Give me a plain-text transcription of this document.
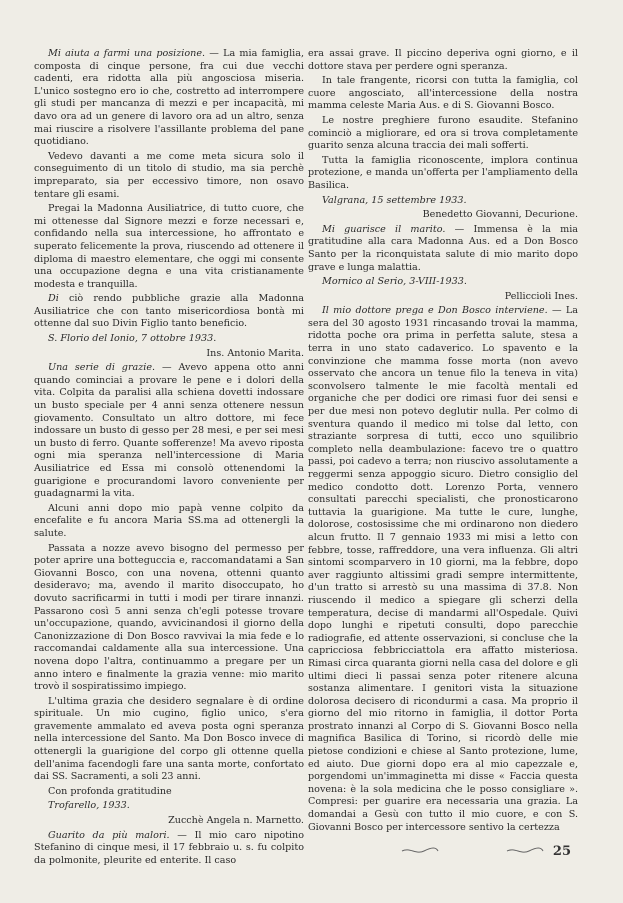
Mi aiuta a farmi una posizione. — La mia famiglia, composta di cinque persone, fra cui due vecchi cadenti, era ridotta alla più angosciosa miseria. L'unico sostegno ero io che, costretto ad interrompere gli studi per mancanza di mezzi e per incapacità, mi davo ora ad un genere di lavoro ora ad un altro, senza mai riuscire a risolvere l'assillante problema del pane quotidiano.

Vedevo davanti a me come meta sicura solo il conseguimento di un titolo di studio, ma sia perchè impreparato, sia per eccessivo timore, non osavo tentare gli esami.

Pregai la Madonna Ausiliatrice, di tutto cuore, che mi ottenesse dal Signore mezzi e forze necessari e, confidando nella sua intercessione, ho affrontato e superato felicemente la prova, riuscendo ad ottenere il diploma di maestro elementare, che oggi mi consente una occupazione degna e una vita cristianamente modesta e tranquilla.

Di ciò rendo pubbliche grazie alla Madonna Ausiliatrice che con tanto misericordiosa bontà mi ottenne dal suo Divin Figlio tanto beneficio.

S. Florio del Ionio, 7 ottobre 1933.

Ins. Antonio Marita.

Una serie di grazie. — Avevo appena otto anni quando cominciai a provare le pene e i dolori della vita. Colpita da paralisi alla schiena dovetti indossare un busto speciale per 4 anni senza ottenere nessun giovamento. Consultato un altro dottore, mi fece indossare un busto di gesso per 28 mesi, e per sei mesi un busto di ferro. Quante sofferenze! Ma avevo riposta ogni mia speranza nell'intercessione di Maria Ausiliatrice ed Essa mi consolò ottenendomi la guarigione e procurandomi lavoro conveniente per guadagnarmi la vita.

Alcuni anni dopo mio papà venne colpito da encefalite e fu ancora Maria SS.ma ad ottenergli la salute.

Passata a nozze avevo bisogno del permesso per poter aprire una botteguccia e, raccomandatami a San Giovanni Bosco, con una novena, ottenni quanto desideravo; ma, avendo il marito disoccupato, ho dovuto sacrificarmi in tutti i modi per tirare innanzi. Passarono così 5 anni senza ch'egli potesse trovare un'occupazione, quando, avvicinandosi il giorno della Canonizzazione di Don Bosco ravvivai la mia fede e lo raccomandai caldamente alla sua intercessione. Una novena dopo l'altra, continuammo a pregare per un anno intero e finalmente la grazia venne: mio marito trovò il sospiratissimo impiego.

L'ultima grazia che desidero segnalare è di ordine spirituale. Un mio cugino, figlio unico, s'era gravemente ammalato ed aveva posta ogni speranza nella intercessione del Santo. Ma Don Bosco invece di ottenergli la guarigione del corpo gli ottenne quella dell'anima facendogli fare una santa morte, confortato dai SS. Sacramenti, a soli 23 anni.

Con profonda gratitudine

Trofarello, 1933.

Zucchè Angela n. Marnetto.

Guarito da più malori. — Il mio caro nipotino Stefanino di cinque mesi, il 17 febbraio u. s. fu colpito da polmonite, pleurite ed enterite. Il caso

era assai grave. Il piccino deperiva ogni giorno, e il dottore stava per perdere ogni speranza.

In tale frangente, ricorsi con tutta la famiglia, col cuore angosciato, all'intercessione della nostra mamma celeste Maria Aus. e di S. Giovanni Bosco.

Le nostre preghiere furono esaudite. Stefanino cominciò a migliorare, ed ora si trova completamente guarito senza alcuna traccia dei mali sofferti.

Tutta la famiglia riconoscente, implora continua protezione, e manda un'offerta per l'ampliamento della Basilica.

Valgrana, 15 settembre 1933.

Benedetto Giovanni, Decurione.

Mi guarisce il marito. — Immensa è la mia gratitudine alla cara Madonna Aus. ed a Don Bosco Santo per la riconquistata salute di mio marito dopo grave e lunga malattia.

Mornico al Serio, 3-VIII-1933.

Pelliccioli Ines.

Il mio dottore prega e Don Bosco interviene. — La sera del 30 agosto 1931 rincasando trovai la mamma, ridotta poche ora prima in perfetta salute, stesa a terra in uno stato cadaverico. Lo spavento e la convinzione che mamma fosse morta (non avevo osservato che ancora un tenue filo la teneva in vita) sconvolsero talmente le mie facoltà mentali ed organiche che per dodici ore rimasi fuor dei sensi e per due mesi non potevo deglutir nulla. Per colmo di sventura quando il medico mi tolse dal letto, con straziante sorpresa di tutti, ecco uno squilibrio completo nella deambulazione: facevo tre o quattro passi, poi cadevo a terra; non riuscivo assolutamente a reggermi senza appoggio sicuro. Dietro consiglio del medico condotto dott. Lorenzo Porta, vennero consultati parecchi specialisti, che pronosticarono tuttavia la guarigione. Ma tutte le cure, lunghe, dolorose, costosissime che mi ordinarono non diedero alcun frutto. Il 7 gennaio 1933 mi misi a letto con febbre, tosse, raffreddore, una vera influenza. Gli altri sintomi scomparvero in 10 giorni, ma la febbre, dopo aver raggiunto altissimi gradi sempre intermittente, d'un tratto si arrestò su una massima di 37.8. Non riuscendo il medico a spiegare gli scherzi della temperatura, decise di mandarmi all'Ospedale. Quivi dopo lunghi e ripetuti consulti, dopo parecchie radiografie, ed attente osservazioni, si concluse che la capricciosa febbricciattola era affatto misteriosa. Rimasi circa quaranta giorni nella casa del dolore e gli ultimi dieci li passai senza poter ritenere alcuna sostanza alimentare. I genitori vista la situazione dolorosa decisero di ricondurmi a casa. Ma proprio il giorno del mio ritorno in famiglia, il dottor Porta prostrato innanzi al Corpo di S. Giovanni Bosco nella magnifica Basilica di Torino, si ricordò delle mie pietose condizioni e chiese al Santo protezione, lume, ed aiuto. Due giorni dopo era al mio capezzale e, porgendomi un'immaginetta mi disse « Faccia questa novena: è la sola medicina che le posso consigliare ». Compresi: per guarire era necessaria una grazia. La domandai a Gesù con tutto il mio cuore, e con S. Giovanni Bosco per intercessore sentivo la certezza

25
